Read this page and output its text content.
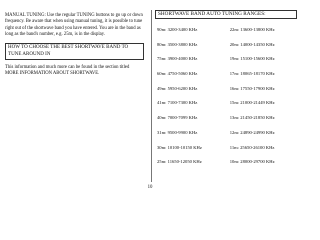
MANUAL TUNING: Use the regular TUNING buttons to go up or down frequency. Be aware that when using manual tuning, it is possible to tune right out of the shortwave band you have entered. You are in the band as long as the band's number, e.g. 25m, is in the display.

HOW TO CHOOSE THE BEST SHORTWAVE BAND TO TUNE AROUND IN

This information and much more can be found in the section titled MORE INFORMATION ABOUT SHORTWAVE.

SHORTWAVE BAND AUTO TUNING RANGES:
90m: 3200-3400 KHz	22m: 13600-13800 KHz
80m: 3500-3800 KHz	20m: 14000-14350 KHz
75m: 3900-4000 KHz	19m: 15100-15600 KHz
60m: 4750-5060 KHz	17m: 18065-18170 KHz
49m: 5950-6200 KHz	16m: 17550-17900 KHz
41m: 7100-7300 KHz	15m: 21000-21449 KHz
40m: 7000-7099 KHz	13m: 21450-21850 KHz
31m: 9500-9900 KHz	12m: 24890-24990 KHz
30m: 10100-10150 KHz	11m: 25650-26100 KHz
25m: 11650-12050 KHz	10m: 28000-29700 KHz
10
